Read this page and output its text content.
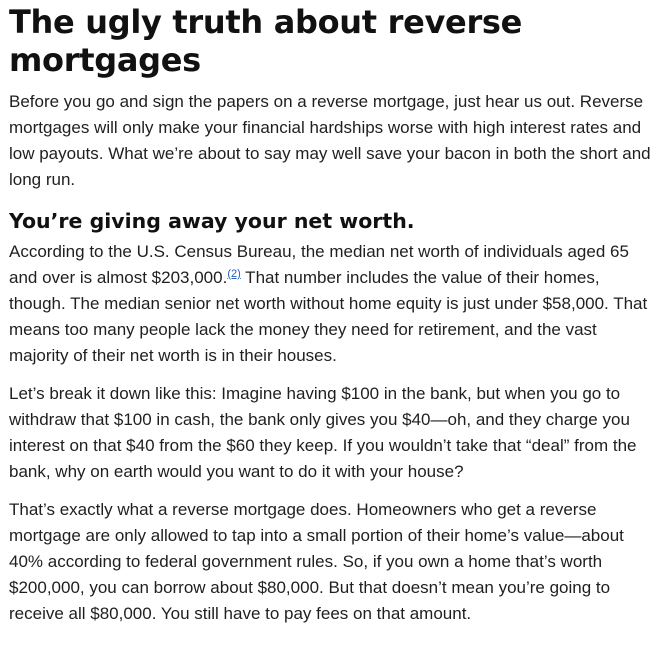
The ugly truth about reverse mortgages

Before you go and sign the papers on a reverse mortgage, just hear us out. Reverse mortgages will only make your financial hardships worse with high interest rates and low payouts. What we’re about to say may well save your bacon in both the short and long run.

You’re giving away your net worth.

According to the U.S. Census Bureau, the median net worth of individuals aged 65 and over is almost $203,000.$^{(2)}$ That number includes the value of their homes, though. The median senior net worth without home equity is just under $58,000. That means too many people lack the money they need for retirement, and the vast majority of their net worth is in their houses.

Let’s break it down like this: Imagine having $100 in the bank, but when you go to withdraw that $100 in cash, the bank only gives you $40—oh, and they charge you interest on that $40 from the $60 they keep. If you wouldn’t take that “deal” from the bank, why on earth would you want to do it with your house?

That’s exactly what a reverse mortgage does. Homeowners who get a reverse mortgage are only allowed to tap into a small portion of their home’s value—about 40% according to federal government rules. So, if you own a home that’s worth $200,000, you can borrow about $80,000. But that doesn’t mean you’re going to receive all $80,000. You still have to pay fees on that amount.
